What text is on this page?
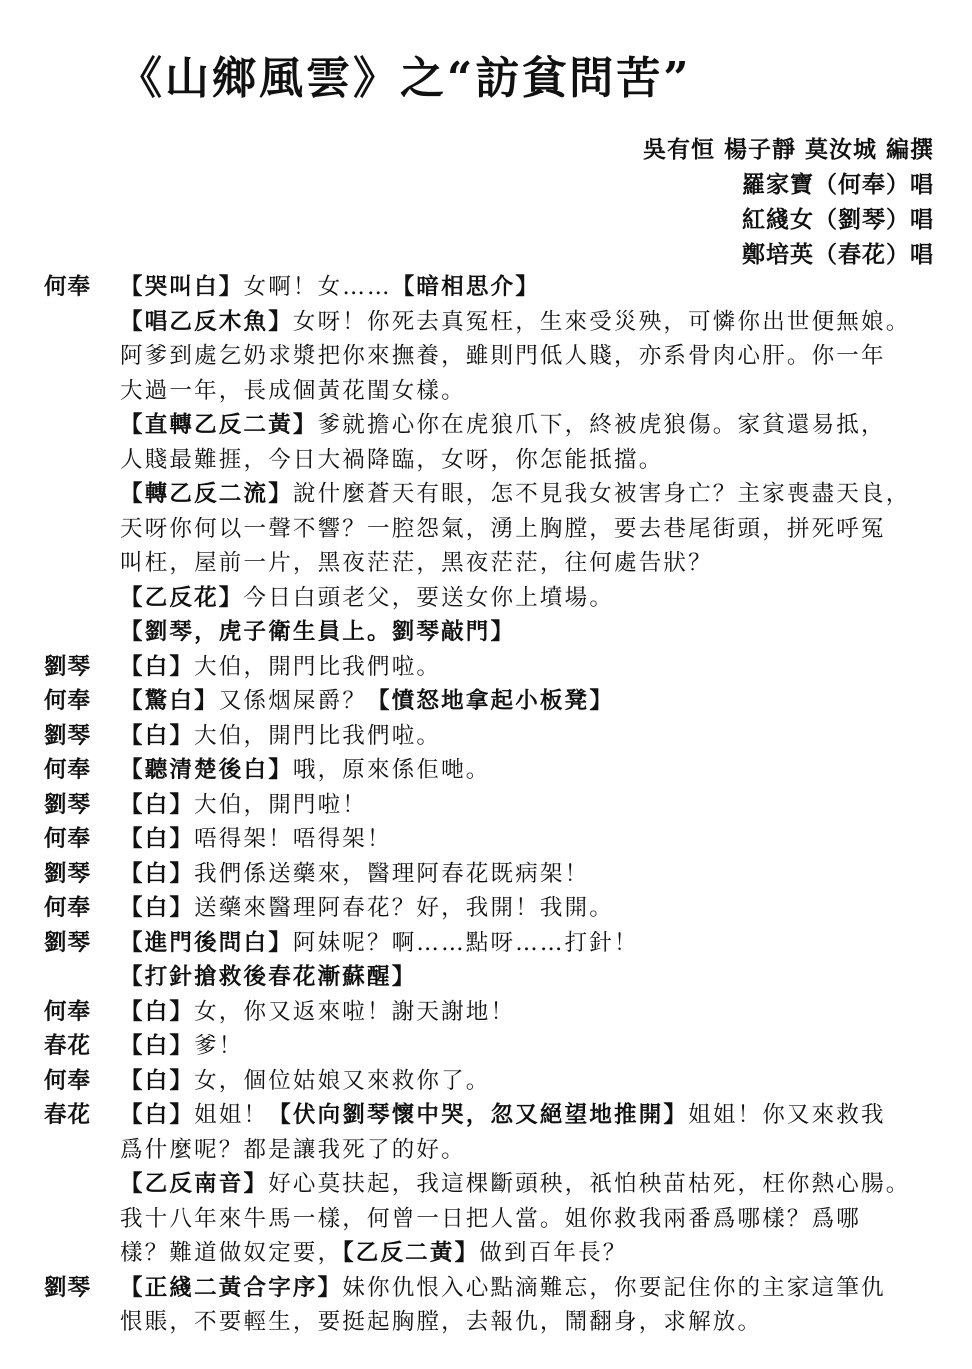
《山鄉風雲》之“訪貧問苦”
吳有恒 楊子靜 莫汝城 編撰
羅家寶（何奉）唱
紅綫女（劉琴）唱
鄭培英（春花）唱
何奉 【哭叫白】女啊！女……【暗相思介】
【唱乙反木魚】女呀！你死去真冤枉，生來受災殃，可憐你出世便無娘。
阿爹到處乞奶求漿把你來撫養，雖則門低人賤，亦系骨肉心肝。你一年
大過一年，長成個黃花閨女樣。
【直轉乙反二黃】爹就擔心你在虎狼爪下，終被虎狼傷。家貧還易抵，
人賤最難捱，今日大禍降臨，女呀，你怎能抵擋。
【轉乙反二流】說什麼蒼天有眼，怎不見我女被害身亡？主家喪盡天良，
天呀你何以一聲不響？一腔怨氣，湧上胸膛，要去巷尾街頭，拼死呼冤
叫枉，屋前一片，黑夜茫茫，黑夜茫茫，往何處告狀？
【乙反花】今日白頭老父，要送女你上墳場。
【劉琴，虎子衛生員上。劉琴敲門】
劉琴 【白】大伯，開門比我們啦。
何奉 【驚白】又係烟屎爵？【憤怒地拿起小板凳】
劉琴 【白】大伯，開門比我們啦。
何奉 【聽清楚後白】哦，原來係佢哋。
劉琴 【白】大伯，開門啦！
何奉 【白】唔得架！唔得架！
劉琴 【白】我們係送藥來，醫理阿春花既病架！
何奉 【白】送藥來醫理阿春花？好，我開！我開。
劉琴 【進門後問白】阿妹呢？啊……點呀……打針！
【打針搶救後春花漸蘇醒】
何奉 【白】女，你又返來啦！謝天謝地！
春花 【白】爹！
何奉 【白】女，個位姑娘又來救你了。
春花 【白】姐姐！【伏向劉琴懷中哭，忽又絕望地推開】姐姐！你又來救我
爲什麼呢？都是讓我死了的好。
【乙反南音】好心莫扶起，我這棵斷頭秧，祇怕秧苗枯死，枉你熱心腸。
我十八年來牛馬一樣，何曾一日把人當。姐你救我兩番爲哪樣？爲哪
樣？難道做奴定要，【乙反二黃】做到百年長？
劉琴 【正綫二黃合字序】妹你仇恨入心點滴難忘，你要記住你的主家這筆仇
恨賬，不要輕生，要挺起胸膛，去報仇，鬧翻身，求解放。
